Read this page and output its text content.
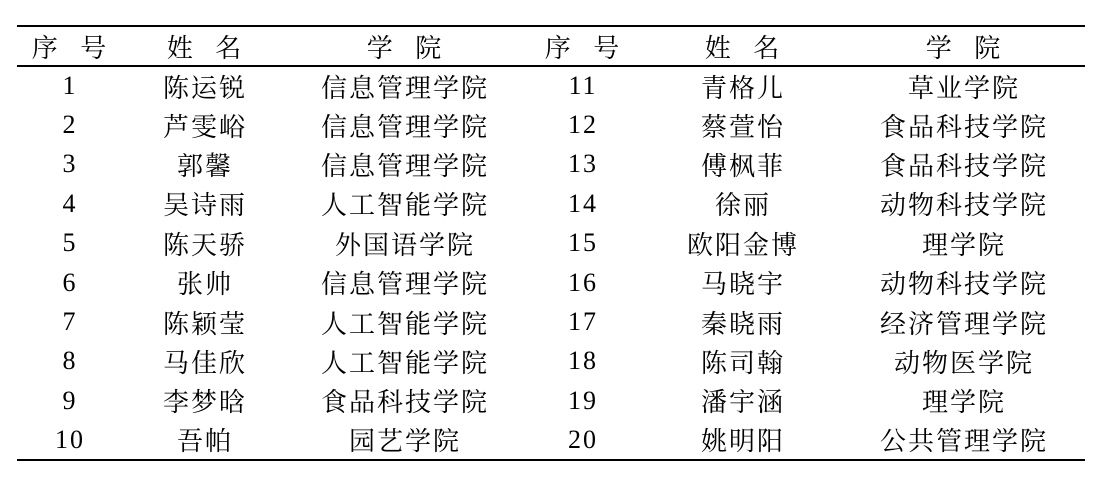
序 号	姓 名	学 院	序 号	姓 名	学 院
1	陈运锐	信息管理学院	11	青格儿	草业学院
2	芦雯峪	信息管理学院	12	蔡萱怡	食品科技学院
3	郭馨	信息管理学院	13	傅枫菲	食品科技学院
4	吴诗雨	人工智能学院	14	徐丽	动物科技学院
5	陈天骄	外国语学院	15	欧阳金博	理学院
6	张帅	信息管理学院	16	马晓宇	动物科技学院
7	陈颖莹	人工智能学院	17	秦晓雨	经济管理学院
8	马佳欣	人工智能学院	18	陈司翰	动物医学院
9	李梦晗	食品科技学院	19	潘宇涵	理学院
10	吾帕	园艺学院	20	姚明阳	公共管理学院
